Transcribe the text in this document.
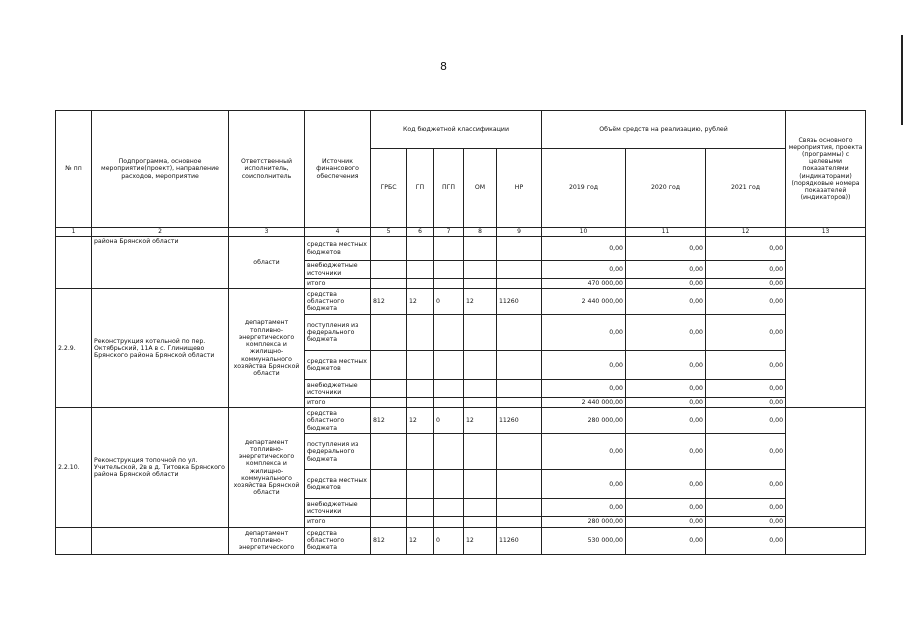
8
№ пп	Подпрограмма, основное мероприятие(проект), направление расходов, мероприятие	Ответственный исполнитель, соисполнитель	Источник финансового обеспечения	Код бюджетной классификации					Объём средств на реализацию, рублей			Связь основного мероприятия, проекта (программы) с целевыми показателями (индикаторами) (порядковые номера показателей (индикаторов))
				ГРБС	ГП	ПГП	ОМ	НР	2019 год	2020 год	2021 год	
1	2	3	4	5	6	7	8	9	10	11	12	13
	района Брянской области	области	средства местных бюджетов						0,00	0,00	0,00	
			внебюджетные источники						0,00	0,00	0,00	
			итого						470 000,00	0,00	0,00	
2.2.9.	Реконструкция котельной по пер. Октябрьский, 11А в с. Глинищево Брянского района Брянской области	департамент топливно-энергетического комплекса и жилищно-коммунального хозяйства Брянской области	средства областного бюджета	812	12	0	12	11260	2 440 000,00	0,00	0,00	
			поступления из федерального бюджета						0,00	0,00	0,00	
			средства местных бюджетов						0,00	0,00	0,00	
			внебюджетные источники						0,00	0,00	0,00	
			итого						2 440 000,00	0,00	0,00	
2.2.10.	Реконструкция топочной по ул. Учительской, 2в в д. Титовка Брянского района Брянской области	департамент топливно-энергетического комплекса и жилищно-коммунального хозяйства Брянской области	средства областного бюджета	812	12	0	12	11260	280 000,00	0,00	0,00	
			поступления из федерального бюджета						0,00	0,00	0,00	
			средства местных бюджетов						0,00	0,00	0,00	
			внебюджетные источники						0,00	0,00	0,00	
			итого						280 000,00	0,00	0,00	
		департамент топливно-энергетического	средства областного бюджета	812	12	0	12	11260	530 000,00	0,00	0,00	
